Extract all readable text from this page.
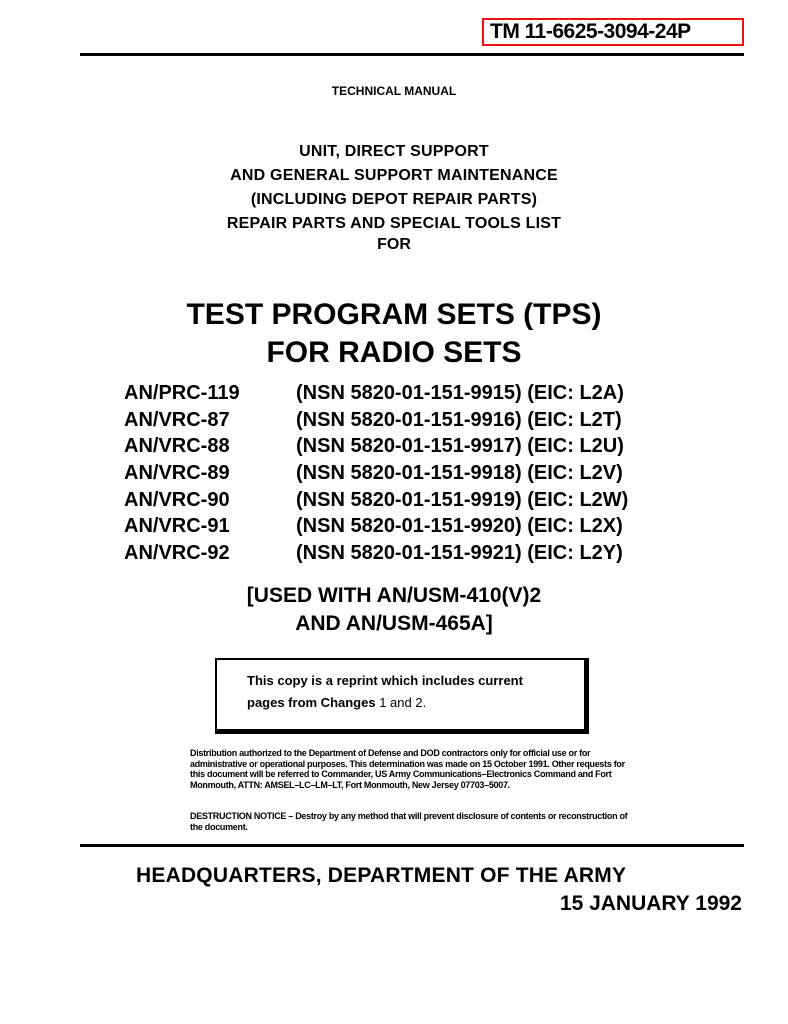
TM 11-6625-3094-24P
TECHNICAL MANUAL
UNIT, DIRECT SUPPORT
AND GENERAL SUPPORT MAINTENANCE
(INCLUDING DEPOT REPAIR PARTS)
REPAIR PARTS AND SPECIAL TOOLS LIST
FOR
TEST PROGRAM SETS (TPS)
FOR RADIO SETS
AN/PRC-119	(NSN 5820-01-151-9915) (EIC: L2A)
AN/VRC-87	(NSN 5820-01-151-9916) (EIC: L2T)
AN/VRC-88	(NSN 5820-01-151-9917) (EIC: L2U)
AN/VRC-89	(NSN 5820-01-151-9918) (EIC: L2V)
AN/VRC-90	(NSN 5820-01-151-9919) (EIC: L2W)
AN/VRC-91	(NSN 5820-01-151-9920) (EIC: L2X)
AN/VRC-92	(NSN 5820-01-151-9921) (EIC: L2Y)
[USED WITH AN/USM-410(V)2
AND AN/USM-465A]
This copy is a reprint which includes current
pages from Changes 1 and 2.
Distribution authorized to the Department of Defense and DOD contractors only for official use or for administrative or operational purposes. This determination was made on 15 October 1991. Other requests for this document will be referred to Commander, US Army Communications–Electronics Command and Fort Monmouth, ATTN: AMSEL–LC–LM–LT, Fort Monmouth, New Jersey 07703–5007.
DESTRUCTION NOTICE – Destroy by any method that will prevent disclosure of contents or reconstruction of the document.
HEADQUARTERS, DEPARTMENT OF THE ARMY
15 JANUARY 1992
